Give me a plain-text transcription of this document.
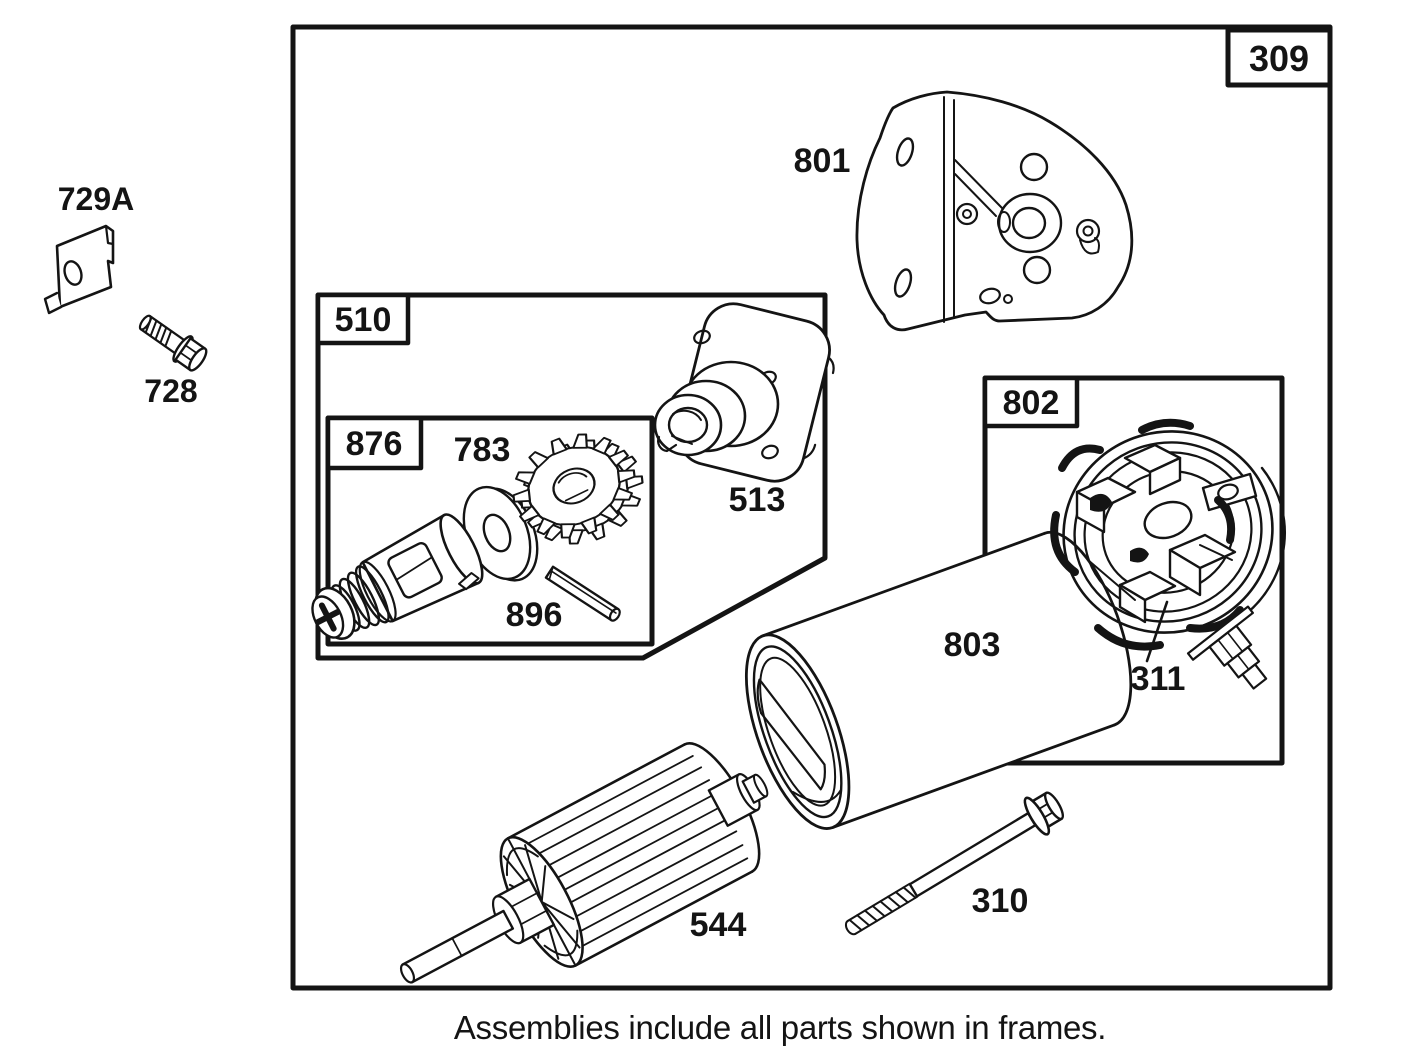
729A
728
801
513
783
896
876
510
802
803
311
544
310
309
Assemblies include all parts shown in frames.
